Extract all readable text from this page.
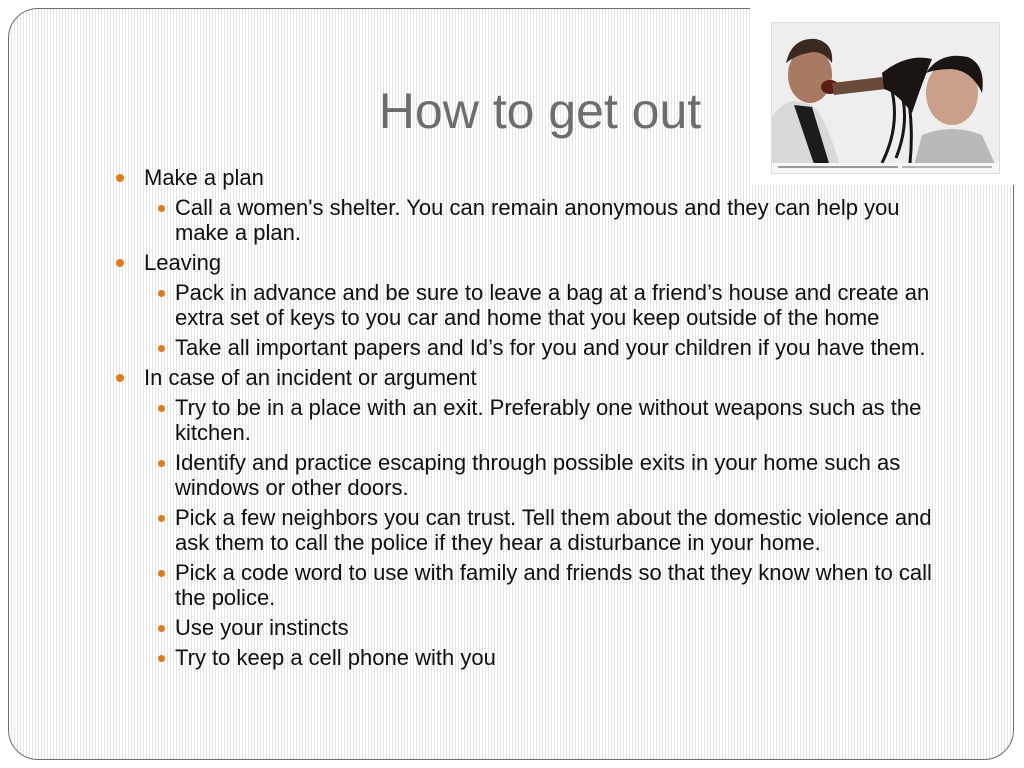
How to get out
Make a plan
Call a women's shelter. You can remain anonymous and they can help you make a plan.
Leaving
Pack in advance and be sure to leave a bag at a friend’s house and create an extra set of keys to you car and home that you keep outside of the home
Take all important papers and Id’s for you and your children if you have them.
In case of an incident or argument
Try to be in a place with an exit. Preferably one without weapons such as the kitchen.
Identify and practice escaping through possible exits in your home such as windows or other doors.
Pick a few neighbors you can trust. Tell them about the domestic violence and ask them to call the police if they hear a disturbance in your home.
Pick a code word to use with family and friends so that they know when to call the police.
Use your instincts
Try to keep a cell phone with you
